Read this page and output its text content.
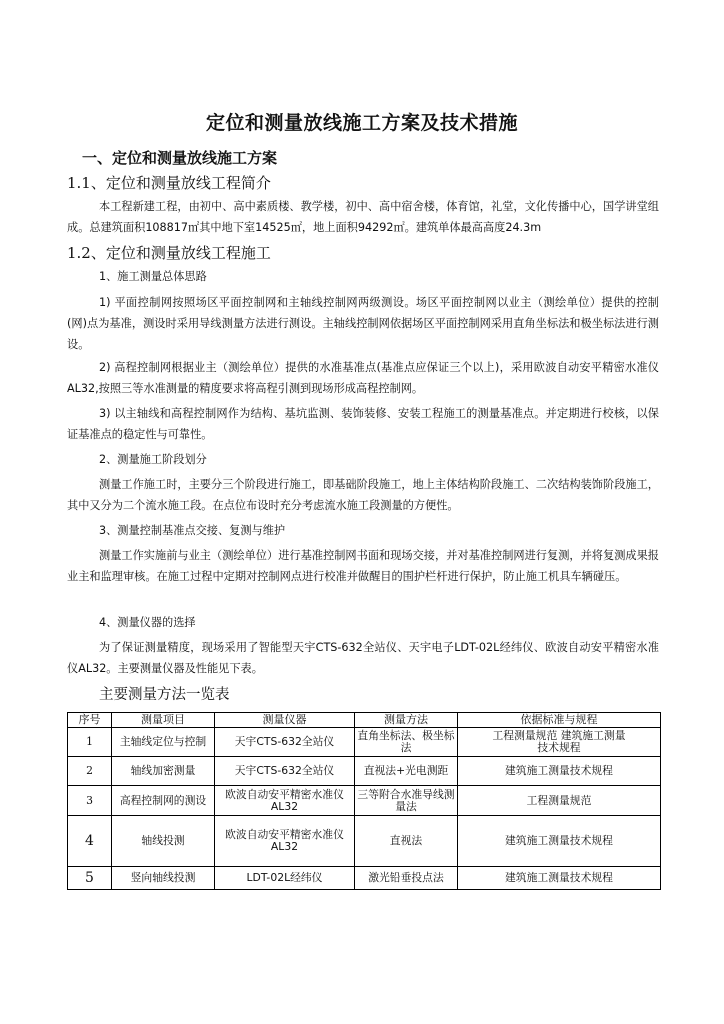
定位和测量放线施工方案及技术措施
一、定位和测量放线施工方案
1.1、定位和测量放线工程简介
本工程新建工程，由初中、高中素质楼、教学楼，初中、高中宿舍楼，体育馆，礼堂，文化传播中心，国学讲堂组成。总建筑面积108817㎡其中地下室14525㎡，地上面积94292㎡。建筑单体最高高度24.3m
1.2、定位和测量放线工程施工
1、施工测量总体思路
1) 平面控制网按照场区平面控制网和主轴线控制网两级测设。场区平面控制网以业主（测绘单位）提供的控制(网)点为基准，测设时采用导线测量方法进行测设。主轴线控制网依据场区平面控制网采用直角坐标法和极坐标法进行测设。
2) 高程控制网根据业主（测绘单位）提供的水准基准点(基准点应保证三个以上)，采用欧波自动安平精密水准仪AL32,按照三等水准测量的精度要求将高程引测到现场形成高程控制网。
3) 以主轴线和高程控制网作为结构、基坑监测、装饰装修、安装工程施工的测量基准点。并定期进行校核，以保证基准点的稳定性与可靠性。
2、测量施工阶段划分
测量工作施工时，主要分三个阶段进行施工，即基础阶段施工，地上主体结构阶段施工、二次结构装饰阶段施工，其中又分为二个流水施工段。在点位布设时充分考虑流水施工段测量的方便性。
3、测量控制基准点交接、复测与维护
测量工作实施前与业主（测绘单位）进行基准控制网书面和现场交接，并对基准控制网进行复测，并将复测成果报业主和监理审核。在施工过程中定期对控制网点进行校准并做醒目的围护栏杆进行保护，防止施工机具车辆碰压。
4、测量仪器的选择
为了保证测量精度，现场采用了智能型天宇CTS-632全站仪、天宇电子LDT-02L经纬仪、欧波自动安平精密水准仪AL32。主要测量仪器及性能见下表。
主要测量方法一览表
序号	测量项目	测量仪器	测量方法	依据标准与规程
1	主轴线定位与控制	天宇CTS-632全站仪	直角坐标法、极坐标法	工程测量规范 建筑施工测量技术规程
2	轴线加密测量	天宇CTS-632全站仪	直视法+光电测距	建筑施工测量技术规程
3	高程控制网的测设	欧波自动安平精密水准仪AL32	三等附合水准导线测量法	工程测量规范
4	轴线投测	欧波自动安平精密水准仪AL32	直视法	建筑施工测量技术规程
5	竖向轴线投测	LDT-02L经纬仪	激光铅垂投点法	建筑施工测量技术规程
